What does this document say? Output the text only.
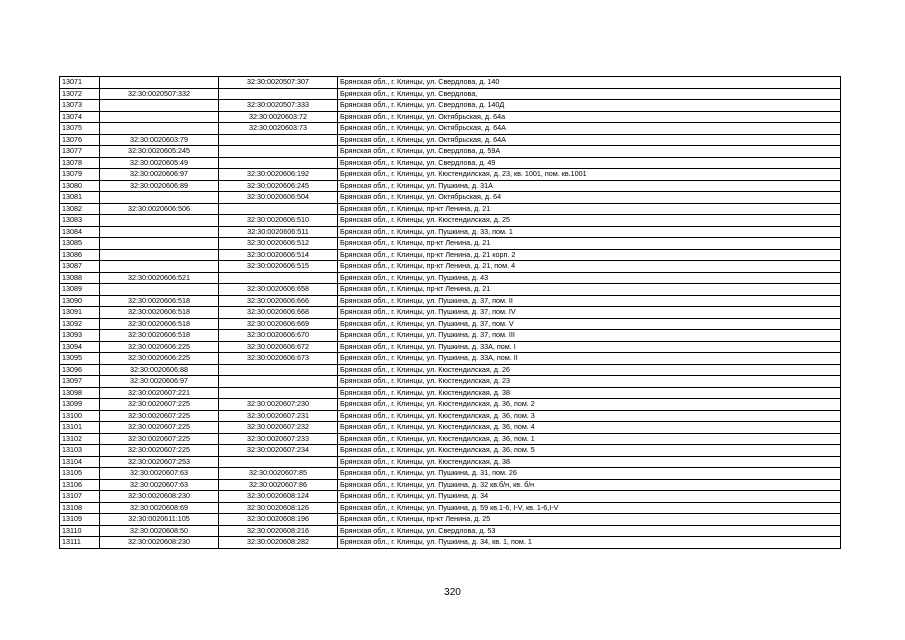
13071		32:30:0020507:307	Брянская обл., г. Клинцы, ул. Свердлова, д. 140
13072	32:30:0020507:332		Брянская обл., г. Клинцы, ул. Свердлова,
13073		32:30:0020507:333	Брянская обл., г. Клинцы, ул. Свердлова, д. 140Д
13074		32:30:0020603:72	Брянская обл., г. Клинцы, ул. Октябрьская, д. 64а
13075		32:30:0020603:73	Брянская обл., г. Клинцы, ул. Октябрьская, д. 64А
13076	32:30:0020603:79		Брянская обл., г. Клинцы, ул. Октябрьская, д. 64А
13077	32:30:0020605:245		Брянская обл., г. Клинцы, ул. Свердлова, д. 59А
13078	32:30:0020605:49		Брянская обл., г. Клинцы, ул. Свердлова, д. 49
13079	32:30:0020606:97	32:30:0020606:192	Брянская обл., г. Клинцы, ул. Кюстендилская, д. 23, кв. 1001, пом. кв.1001
13080	32:30:0020606:89	32:30:0020606:245	Брянская обл., г. Клинцы, ул. Пушкина, д. 31А
13081		32:30:0020606:504	Брянская обл., г. Клинцы, ул. Октябрьская, д. 64
13082	32:30:0020606:506		Брянская обл., г. Клинцы, пр-кт Ленина, д. 21
13083		32:30:0020606:510	Брянская обл., г. Клинцы, ул. Кюстендилская, д. 25
13084		32:30:0020606:511	Брянская обл., г. Клинцы, ул. Пушкина, д. 33, пом. 1
13085		32:30:0020606:512	Брянская обл., г. Клинцы, пр-кт Ленина, д. 21
13086		32:30:0020606:514	Брянская обл., г. Клинцы, пр-кт Ленина, д. 21 корп. 2
13087		32:30:0020606:515	Брянская обл., г. Клинцы, пр-кт Ленина, д. 21, пом. 4
13088	32:30:0020606:521		Брянская обл., г. Клинцы, ул. Пушкина, д. 43
13089		32:30:0020606:658	Брянская обл., г. Клинцы, пр-кт Ленина, д. 21
13090	32:30:0020606:518	32:30:0020606:666	Брянская обл., г. Клинцы, ул. Пушкина, д. 37, пом. II
13091	32:30:0020606:518	32:30:0020606:668	Брянская обл., г. Клинцы, ул. Пушкина, д. 37, пом. IV
13092	32:30:0020606:518	32:30:0020606:669	Брянская обл., г. Клинцы, ул. Пушкина, д. 37, пом. V
13093	32:30:0020606:518	32:30:0020606:670	Брянская обл., г. Клинцы, ул. Пушкина, д. 37, пом. III
13094	32:30:0020606:225	32:30:0020606:672	Брянская обл., г. Клинцы, ул. Пушкина, д. 33А, пом. I
13095	32:30:0020606:225	32:30:0020606:673	Брянская обл., г. Клинцы, ул. Пушкина, д. 33А, пом. II
13096	32:30:0020606:88		Брянская обл., г. Клинцы, ул. Кюстендилская, д. 26
13097	32:30:0020606:97		Брянская обл., г. Клинцы, ул. Кюстендилская, д. 23
13098	32:30:0020607:221		Брянская обл., г. Клинцы, ул. Кюстендилская, д. 38
13099	32:30:0020607:225	32:30:0020607:230	Брянская обл., г. Клинцы, ул. Кюстендилская, д. 36, пом. 2
13100	32:30:0020607:225	32:30:0020607:231	Брянская обл., г. Клинцы, ул. Кюстендилская, д. 36, пом. 3
13101	32:30:0020607:225	32:30:0020607:232	Брянская обл., г. Клинцы, ул. Кюстендилская, д. 36, пом. 4
13102	32:30:0020607:225	32:30:0020607:233	Брянская обл., г. Клинцы, ул. Кюстендилская, д. 36, пом. 1
13103	32:30:0020607:225	32:30:0020607:234	Брянская обл., г. Клинцы, ул. Кюстендилская, д. 36, пом. 5
13104	32:30:0020607:253		Брянская обл., г. Клинцы, ул. Кюстендилская, д. 38
13105	32:30:0020607:63	32:30:0020607:85	Брянская обл., г. Клинцы, ул. Пушкина, д. 31, пом. 26
13106	32:30:0020607:63	32:30:0020607:86	Брянская обл., г. Клинцы, ул. Пушкина, д. 32 кв.б/н, кв. б/н
13107	32:30:0020608:230	32:30:0020608:124	Брянская обл., г. Клинцы, ул. Пушкина, д. 34
13108	32:30:0020608:69	32:30:0020608:126	Брянская обл., г. Клинцы, ул. Пушкина, д. 59 кв.1-6, I-V, кв. 1-6,I-V
13109	32:30:0020611:105	32:30:0020608:196	Брянская обл., г. Клинцы, пр-кт Ленина, д. 25
13110	32:30:0020608:50	32:30:0020608:216	Брянская обл., г. Клинцы, ул. Свердлова, д. 53
13111	32:30:0020608:230	32:30:0020608:282	Брянская обл., г. Клинцы, ул. Пушкина, д. 34, кв. 1, пом. 1
320
